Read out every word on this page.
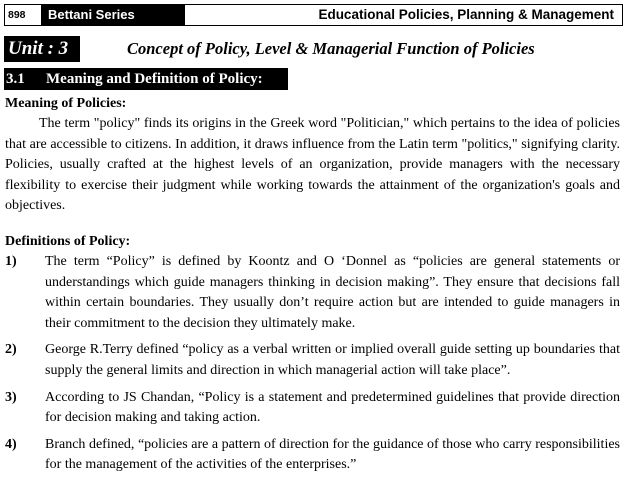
898	Bettani Series	Educational Policies, Planning & Management
Unit : 3	Concept of Policy, Level & Managerial Function of Policies
3.1 Meaning and Definition of Policy:
Meaning of Policies:

The term "policy" finds its origins in the Greek word "Politician," which pertains to the idea of policies that are accessible to citizens. In addition, it draws influence from the Latin term "politics," signifying clarity. Policies, usually crafted at the highest levels of an organization, provide managers with the necessary flexibility to exercise their judgment while working towards the attainment of the organization's goals and objectives.

Definitions of Policy:
1) The term “Policy” is defined by Koontz and O ‘Donnel as “policies are general statements or understandings which guide managers thinking in decision making”. They ensure that decisions fall within certain boundaries. They usually don’t require action but are intended to guide managers in their commitment to the decision they ultimately make.
2) George R.Terry defined “policy as a verbal written or implied overall guide setting up boundaries that supply the general limits and direction in which managerial action will take place”.
3) According to JS Chandan, “Policy is a statement and predetermined guidelines that provide direction for decision making and taking action.
4) Branch defined, “policies are a pattern of direction for the guidance of those who carry responsibilities for the management of the activities of the enterprises.”
